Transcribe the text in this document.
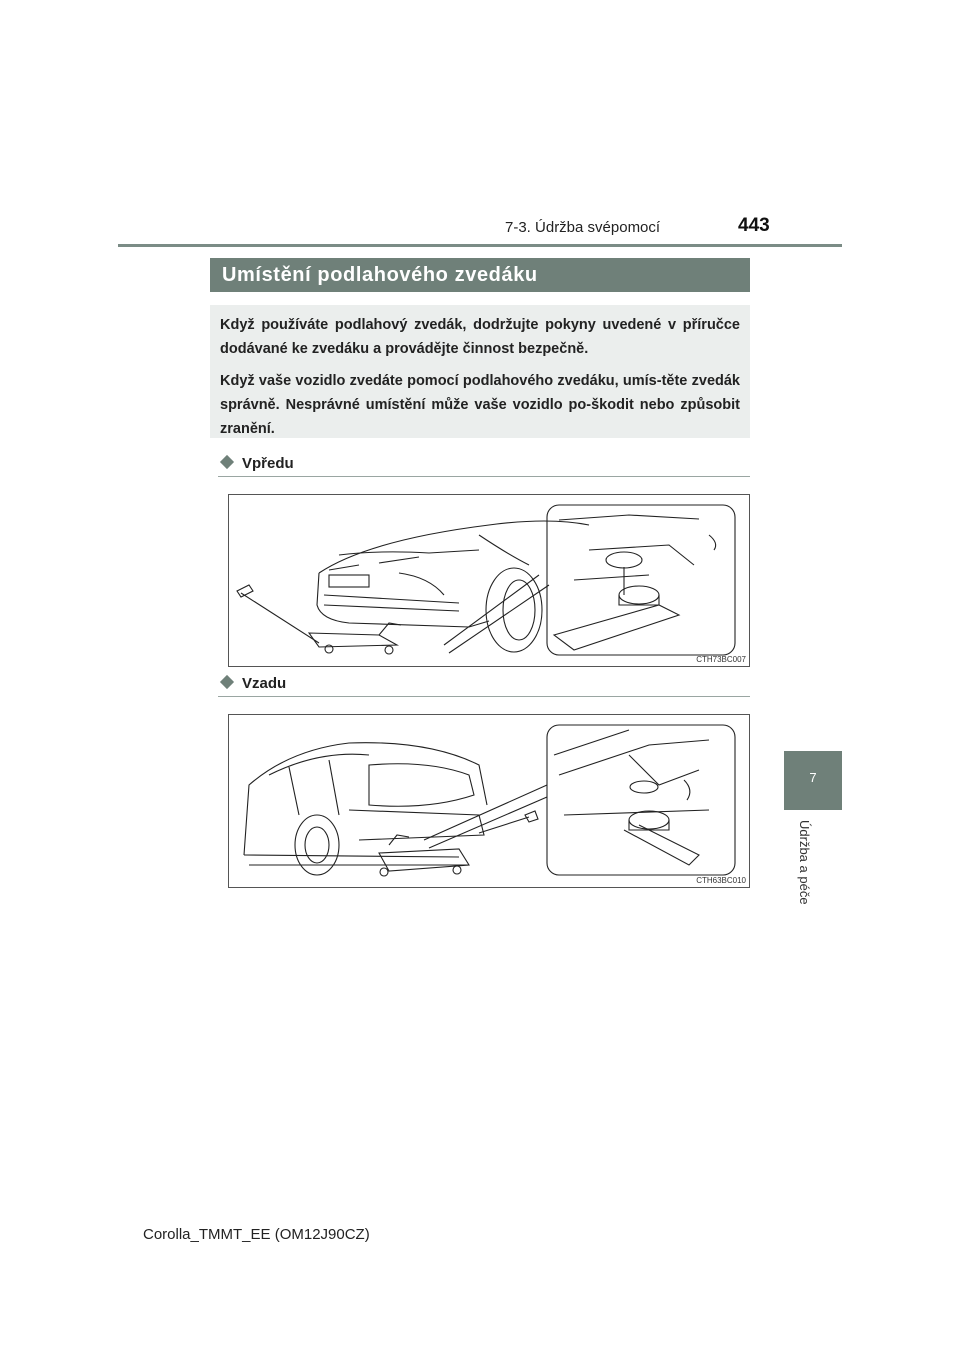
7-3. Údržba svépomocí	443
7
Údržba a péče
Umístění podlahového zvedáku

Když používáte podlahový zvedák, dodržujte pokyny uvedené v příručce dodávané ke zvedáku a provádějte činnost bezpečně.

Když vaše vozidlo zvedáte pomocí podlahového zvedáku, umís-těte zvedák správně. Nesprávné umístění může vaše vozidlo po-škodit nebo způsobit zranění.

Vpředu
CTH73BC007
Vzadu
CTH63BC010
Corolla_TMMT_EE (OM12J90CZ)
